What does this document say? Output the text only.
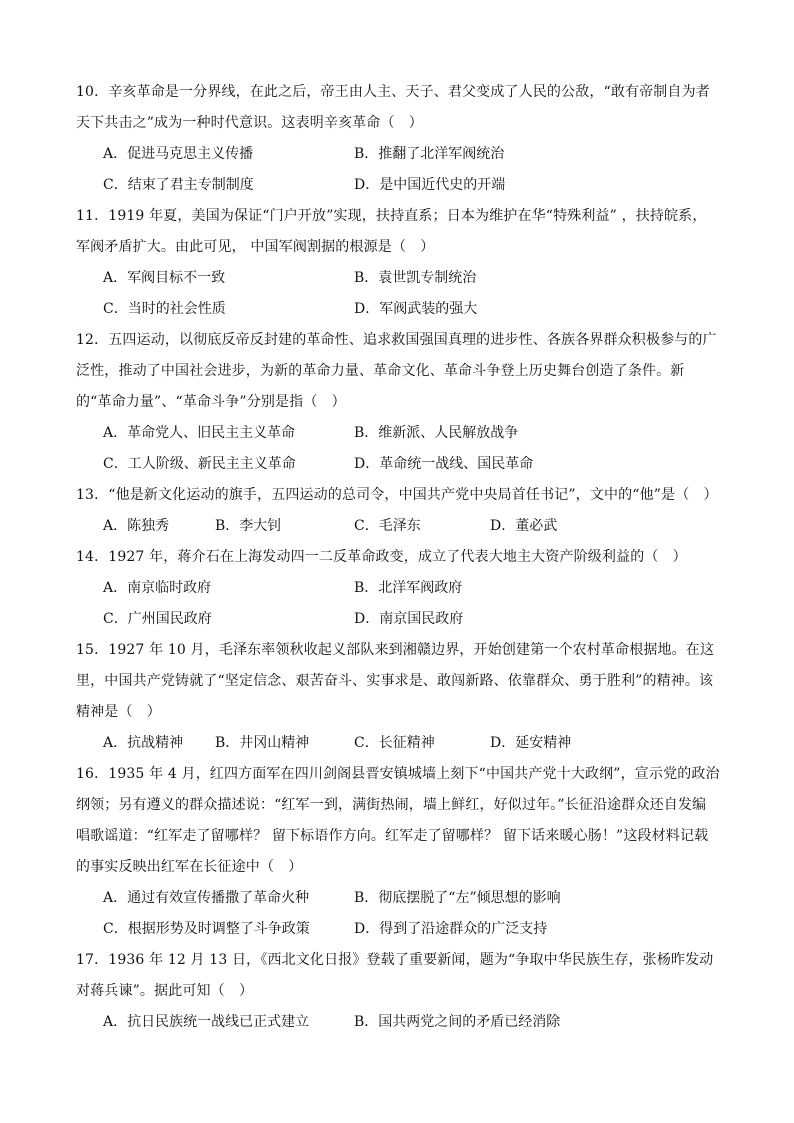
10．辛亥革命是一分界线，在此之后，帝王由人主、天子、君父变成了人民的公敌，“敢有帝制自为者天下共击之”成为一种时代意识。这表明辛亥革命（　）

A．促进马克思主义传播	B．推翻了北洋军阀统治
C．结束了君主专制制度	D．是中国近代史的开端

11．1919 年夏，美国为保证“门户开放”实现，扶持直系；日本为维护在华“特殊利益” ，扶持皖系，军阀矛盾扩大。由此可见， 中国军阀割据的根源是（　）

A．军阀目标不一致	B．袁世凯专制统治
C．当时的社会性质	D．军阀武装的强大

12．五四运动，以彻底反帝反封建的革命性、追求救国强国真理的进步性、各族各界群众积极参与的广泛性，推动了中国社会进步，为新的革命力量、革命文化、革命斗争登上历史舞台创造了条件。新的“革命力量”、“革命斗争”分别是指（　）

A．革命党人、旧民主主义革命	B．维新派、人民解放战争
C．工人阶级、新民主主义革命	D．革命统一战线、国民革命

13．“他是新文化运动的旗手，五四运动的总司令，中国共产党中央局首任书记”，文中的“他”是（　）

A．陈独秀	B．李大钊	C．毛泽东	D．董必武

14．1927 年，蒋介石在上海发动四一二反革命政变，成立了代表大地主大资产阶级利益的（　）

A．南京临时政府	B．北洋军阀政府
C．广州国民政府	D．南京国民政府

15．1927 年 10 月，毛泽东率领秋收起义部队来到湘赣边界，开始创建第一个农村革命根据地。在这里，中国共产党铸就了“坚定信念、艰苦奋斗、实事求是、敢闯新路、依靠群众、勇于胜利”的精神。该精神是（　）

A．抗战精神 B．井冈山精神	C．长征精神	D．延安精神

16．1935 年 4 月，红四方面军在四川剑阁县晋安镇城墙上刻下“中国共产党十大政纲”，宣示党的政治纲领；另有遵义的群众描述说：“红军一到，满街热闹，墙上鲜红，好似过年。”长征沿途群众还自发编唱歌谣道：“红军走了留哪样？ 留下标语作方向。红军走了留哪样？ 留下话来暖心肠！”这段材料记载的事实反映出红军在长征途中（　）

A．通过有效宣传播撒了革命火种	B．彻底摆脱了“左”倾思想的影响
C．根据形势及时调整了斗争政策	D．得到了沿途群众的广泛支持

17．1936 年 12 月 13 日，《西北文化日报》登载了重要新闻，题为“争取中华民族生存，张杨昨发动对蒋兵谏”。据此可知（　）

A．抗日民族统一战线已正式建立	B．国共两党之间的矛盾已经消除
